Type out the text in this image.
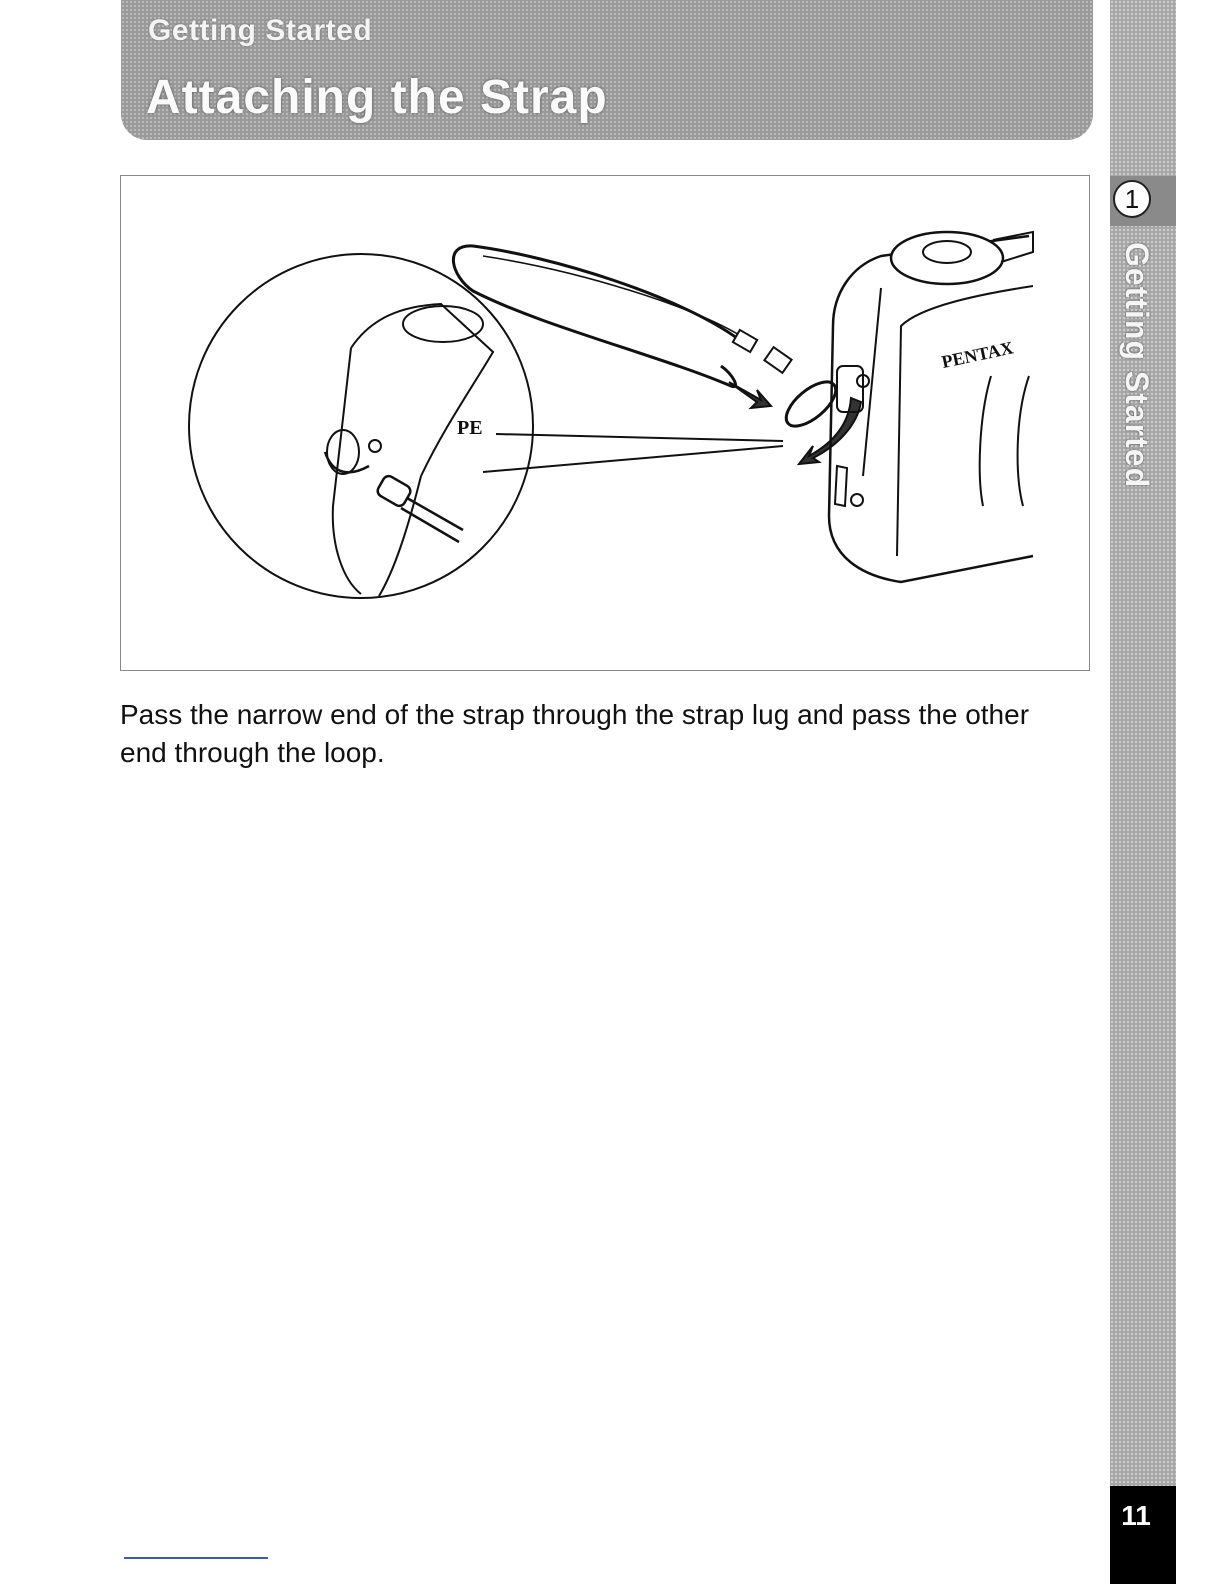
Getting Started
Attaching the Strap
1
Getting Started
PENTAX
PE
Pass the narrow end of the strap through the strap lug and pass the other end through the loop.
11
